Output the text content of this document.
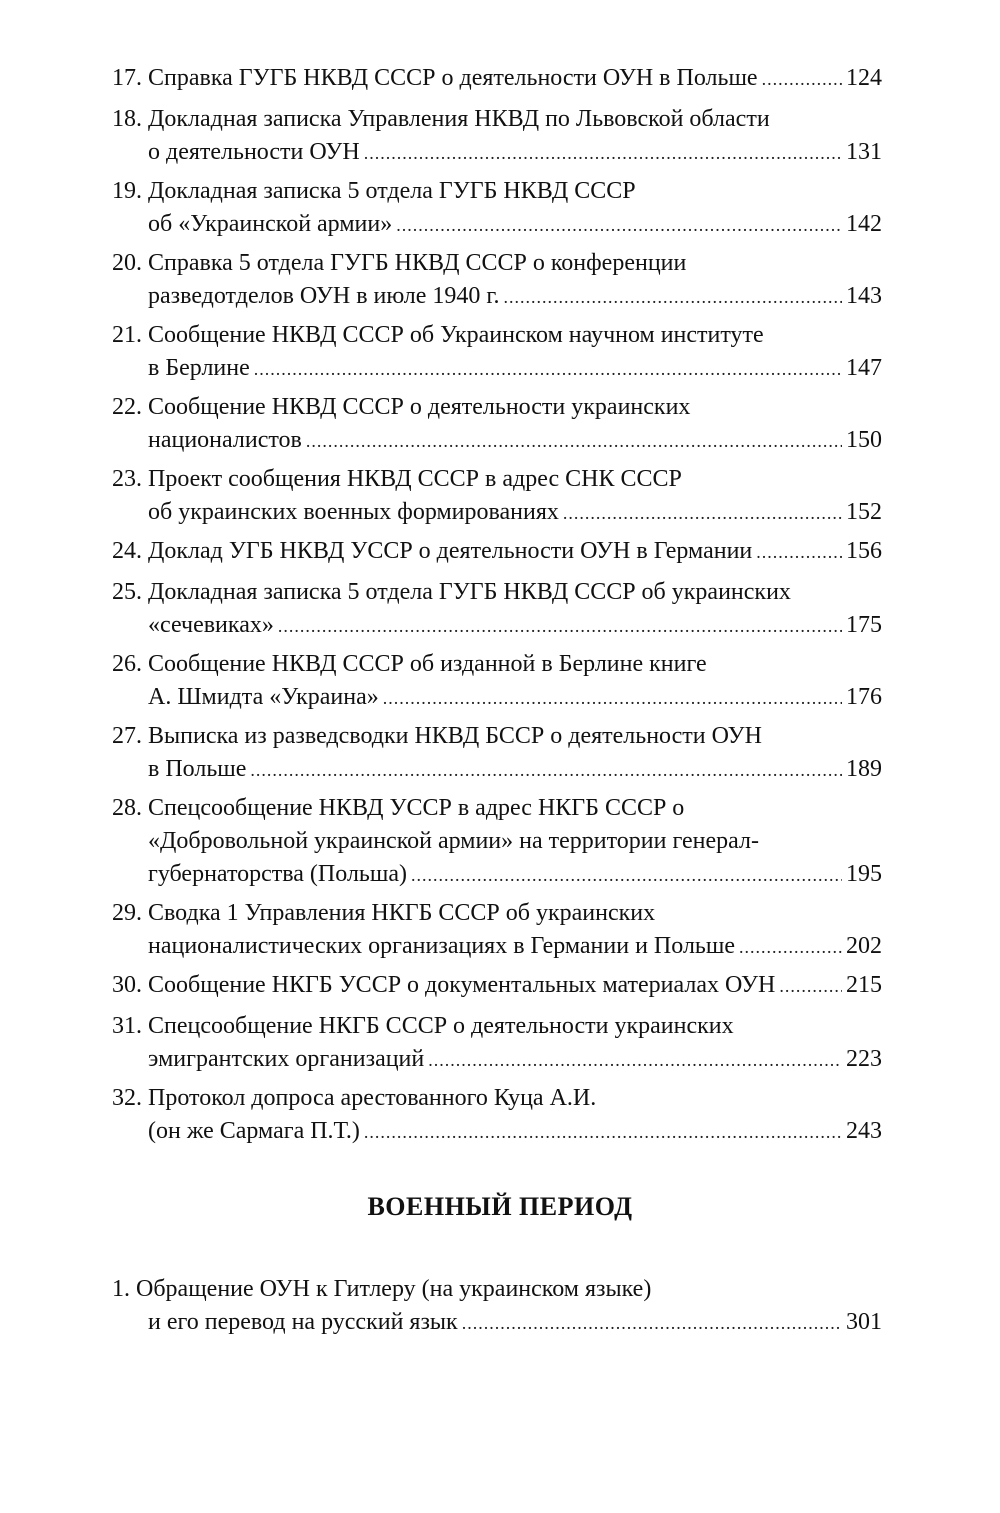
17.
Справка ГУГБ НКВД СССР о деятельности ОУН в Польше .....	124
18.
Докладная записка Управления НКВД по Львовской области
о деятельности ОУН .....	131
19.
Докладная записка 5 отдела ГУГБ НКВД СССР
об «Украинской армии» .....	142
20.
Справка 5 отдела ГУГБ НКВД СССР о конференции
разведотделов ОУН в июле 1940 г. .....	143
21.
Сообщение НКВД СССР об Украинском научном институте
в Берлине .....	147
22.
Сообщение НКВД СССР о деятельности украинских
националистов .....	150
23.
Проект сообщения НКВД СССР в адрес СНК СССР
об украинских военных формированиях .....	152
24.
Доклад УГБ НКВД УССР о деятельности ОУН в Германии .....	156
25.
Докладная записка 5 отдела ГУГБ НКВД СССР об украинских
«сечевиках» .....	175
26.
Сообщение НКВД СССР об изданной в Берлине книге
А. Шмидта «Украина» .....	176
27.
Выписка из разведсводки НКВД БССР о деятельности ОУН
в Польше .....	189
28.
Спецсообщение НКВД УССР в адрес НКГБ СССР о
«Добровольной украинской армии» на территории генерал-
губернаторства (Польша) .....	195
29.
Сводка 1 Управления НКГБ СССР об украинских
националистических организациях в Германии и Польше .....	202
30.
Сообщение НКГБ УССР о документальных материалах ОУН .....	215
31.
Спецсообщение НКГБ СССР о деятельности украинских
эмигрантских организаций .....	223
32.
Протокол допроса арестованного Куца А.И.
(он же Сармага П.Т.) .....	243
ВОЕННЫЙ ПЕРИОД
1.
Обращение ОУН к Гитлеру (на украинском языке)
и его перевод на русский язык .....	301
